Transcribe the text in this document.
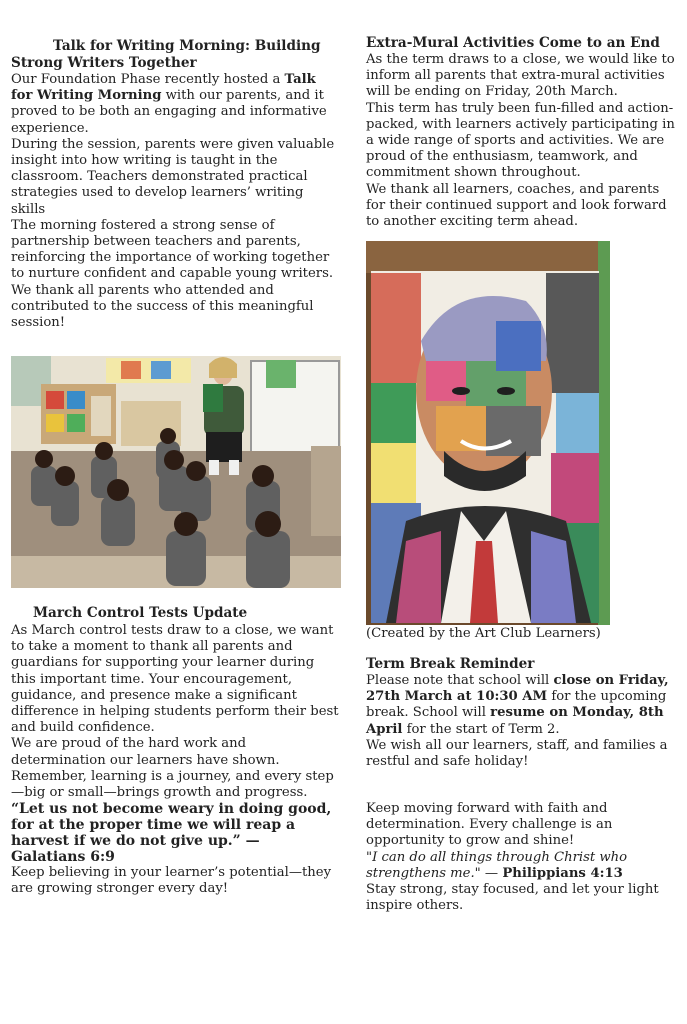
Talk for Writing Morning: Building
Strong Writers Together

Our Foundation Phase recently hosted a Talk for Writing Morning with our parents, and it proved to be both an engaging and informative experience.

During the session, parents were given valuable insight into how writing is taught in the classroom. Teachers demonstrated practical strategies used to develop learners’ writing skills

The morning fostered a strong sense of partnership between teachers and parents, reinforcing the importance of working together to nurture confident and capable young writers.

We thank all parents who attended and contributed to the success of this meaningful session!

March Control Tests Update

As March control tests draw to a close, we want to take a moment to thank all parents and guardians for supporting your learner during this important time. Your encouragement, guidance, and presence make a significant difference in helping students perform their best and build confidence.

We are proud of the hard work and determination our learners have shown. Remember, learning is a journey, and every step—big or small—brings growth and progress.

“Let us not become weary in doing good, for at the proper time we will reap a harvest if we do not give up.” —
Galatians 6:9

Keep believing in your learner’s potential—they are growing stronger every day!

Extra-Mural Activities Come to an End

As the term draws to a close, we would like to inform all parents that extra-mural activities will be ending on Friday, 20th March.

This term has truly been fun-filled and action-packed, with learners actively participating in a wide range of sports and activities. We are proud of the enthusiasm, teamwork, and commitment shown throughout.

We thank all learners, coaches, and parents for their continued support and look forward to another exciting term ahead.

(Created by the Art Club Learners)
Term Break Reminder

Please note that school will close on Friday, 27th March at 10:30 AM for the upcoming break. School will resume on Monday, 8th April for the start of Term 2.

We wish all our learners, staff, and families a restful and safe holiday!

Keep moving forward with faith and determination. Every challenge is an opportunity to grow and shine!

"I can do all things through Christ who strengthens me." — Philippians 4:13

Stay strong, stay focused, and let your light inspire others.
